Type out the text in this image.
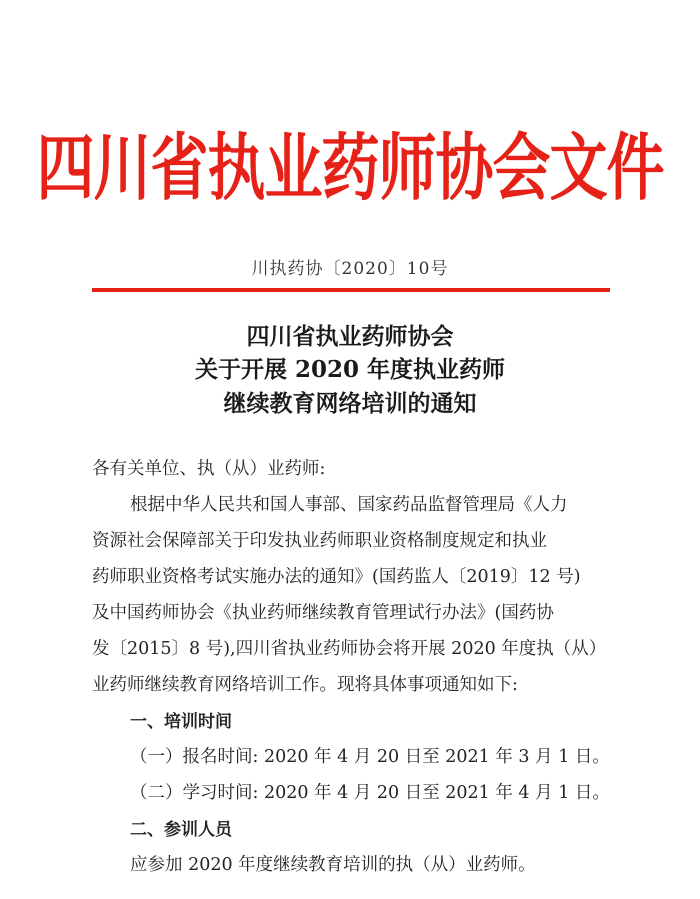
四川省执业药师协会文件
川执药协〔2020〕10号
四川省执业药师协会
关于开展 2020 年度执业药师
继续教育网络培训的通知
各有关单位、执（从）业药师:
根据中华人民共和国人事部、国家药品监督管理局《人力
资源社会保障部关于印发执业药师职业资格制度规定和执业
药师职业资格考试实施办法的通知》(国药监人〔2019〕12 号)
及中国药师协会《执业药师继续教育管理试行办法》(国药协
发〔2015〕8 号),四川省执业药师协会将开展 2020 年度执（从）
业药师继续教育网络培训工作。现将具体事项通知如下:
一、培训时间
（一）报名时间: 2020 年 4 月 20 日至 2021 年 3 月 1 日。
（二）学习时间: 2020 年 4 月 20 日至 2021 年 4 月 1 日。
二、参训人员
应参加 2020 年度继续教育培训的执（从）业药师。
